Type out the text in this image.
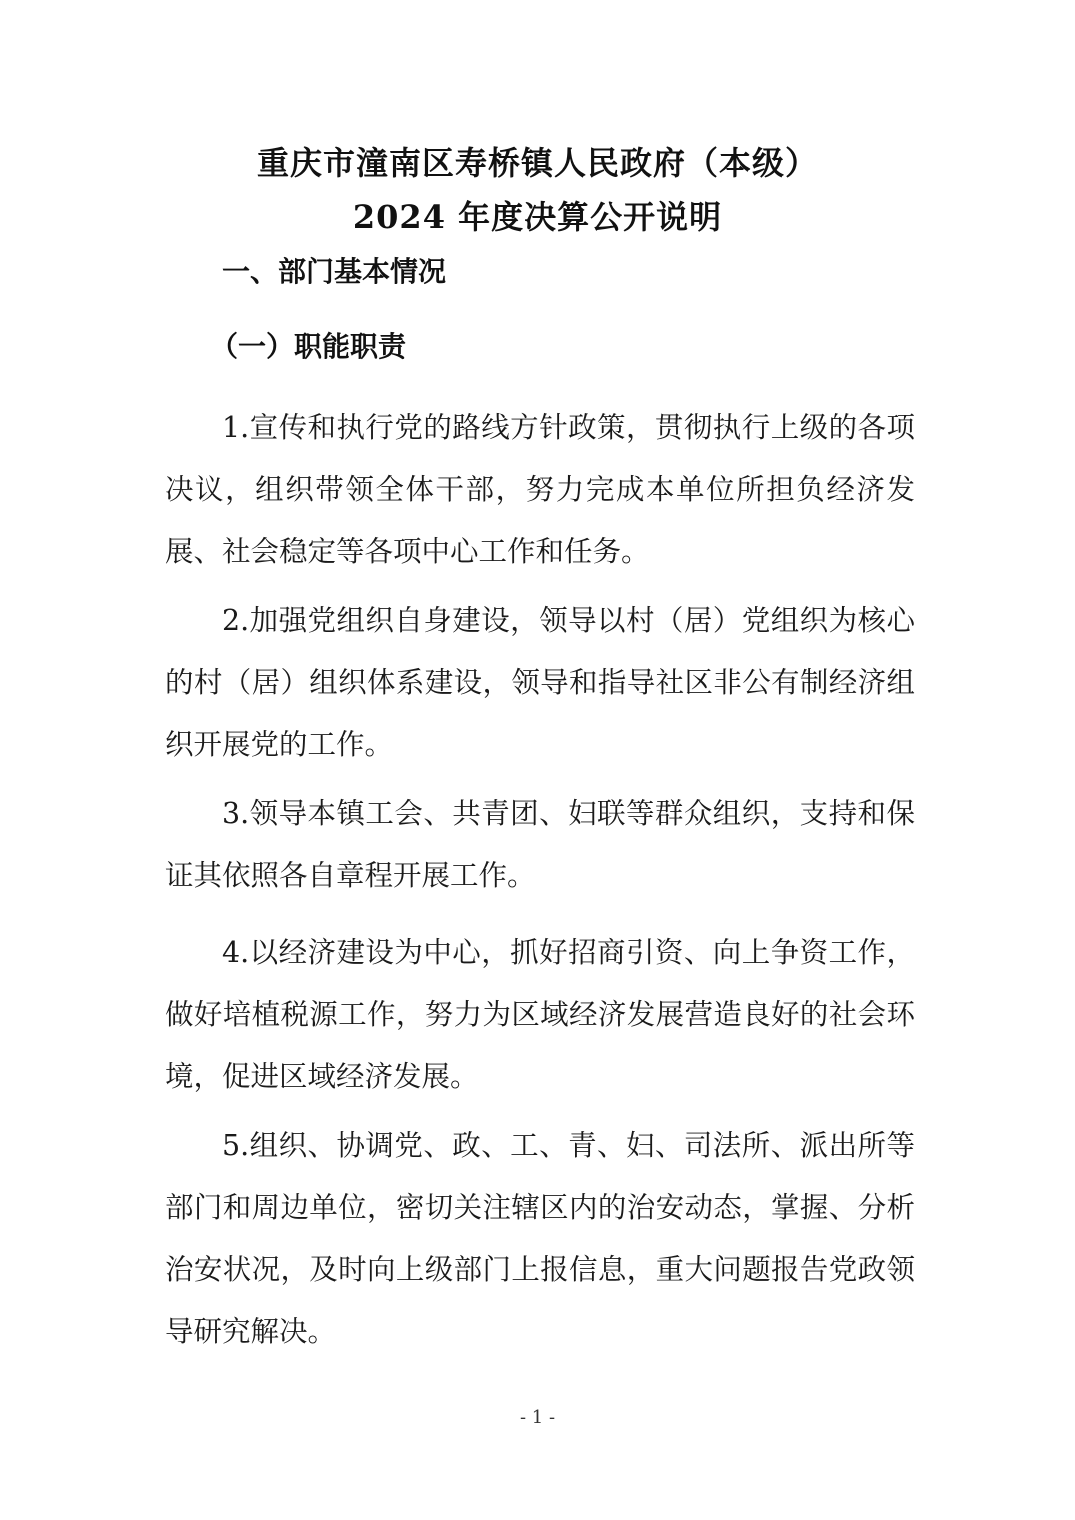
重庆市潼南区寿桥镇人民政府（本级）
2024 年度决算公开说明
一、部门基本情况
（一）职能职责

1.宣传和执行党的路线方针政策，贯彻执行上级的各项决议，组织带领全体干部，努力完成本单位所担负经济发展、社会稳定等各项中心工作和任务。

2.加强党组织自身建设，领导以村（居）党组织为核心的村（居）组织体系建设，领导和指导社区非公有制经济组织开展党的工作。

3.领导本镇工会、共青团、妇联等群众组织，支持和保证其依照各自章程开展工作。

4.以经济建设为中心，抓好招商引资、向上争资工作，做好培植税源工作，努力为区域经济发展营造良好的社会环境，促进区域经济发展。

5.组织、协调党、政、工、青、妇、司法所、派出所等部门和周边单位，密切关注辖区内的治安动态，掌握、分析治安状况，及时向上级部门上报信息，重大问题报告党政领导研究解决。

- 1 -
